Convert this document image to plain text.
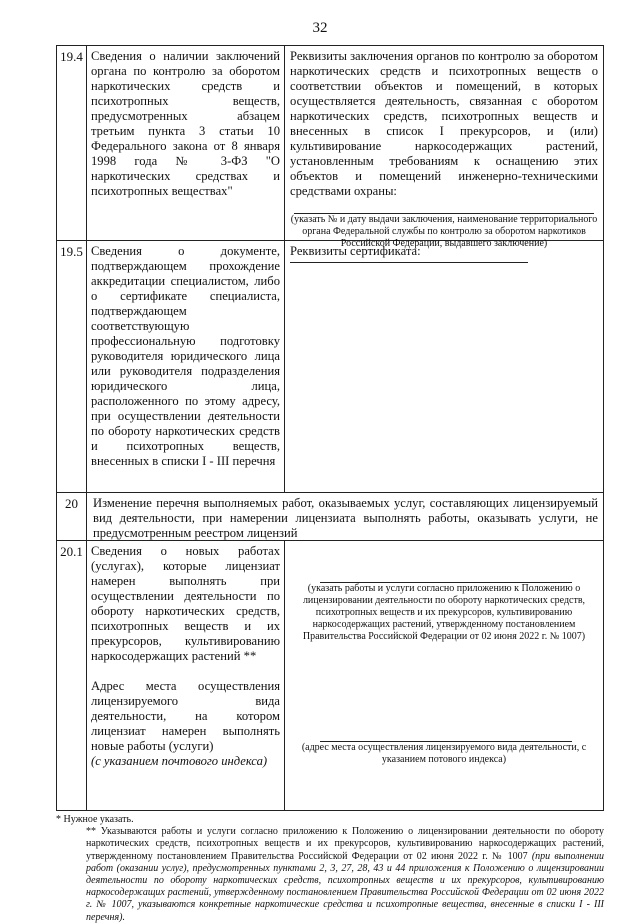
32
19.4 Сведения о наличии заключений органа по контролю за оборотом наркотических средств и психотропных веществ, предусмотренных абзацем третьим пункта 3 статьи 10 Федерального закона от 8 января 1998 года № 3-ФЗ "О наркотических средствах и психотропных веществах"
Реквизиты заключения органов по контролю за оборотом наркотических средств и психотропных веществ о соответствии объектов и помещений, в которых осуществляется деятельность, связанная с оборотом наркотических средств, психотропных веществ и внесенных в список I прекурсоров, и (или) культивирование наркосодержащих растений, установленным требованиям к оснащению этих объектов и помещений инженерно-техническими средствами охраны:
(указать № и дату выдачи заключения, наименование территориального органа Федеральной службы по контролю за оборотом наркотиков Российской Федерации, выдавшего заключение)
19.5 Сведения о документе, подтверждающем прохождение аккредитации специалистом, либо о сертификате специалиста, подтверждающем соответствующую профессиональную подготовку руководителя юридического лица или руководителя подразделения юридического лица, расположенного по этому адресу, при осуществлении деятельности по обороту наркотических средств и психотропных веществ, внесенных в списки I - III перечня
Реквизиты сертификата:
20	Изменение перечня выполняемых работ, оказываемых услуг, составляющих лицензируемый вид деятельности, при намерении лицензиата выполнять работы, оказывать услуги, не предусмотренным реестром лицензий
20.1 Сведения о новых работах (услугах), которые лицензиат намерен выполнять при осуществлении деятельности по обороту наркотических средств, психотропных веществ и их прекурсоров, культивированию наркосодержащих растений **
Адрес места осуществления лицензируемого вида деятельности, на котором лицензиат намерен выполнять новые работы (услуги)
(с указанием почтового индекса)
(указать работы и услуги согласно приложению к Положению о лицензировании деятельности по обороту наркотических средств, психотропных веществ и их прекурсоров, культивированию наркосодержащих растений, утвержденному постановлением Правительства Российской Федерации от 02 июня 2022 г. № 1007)
(адрес места осуществления лицензируемого вида деятельности, с указанием потового индекса)

* Нужное указать.

** Указываются работы и услуги согласно приложению к Положению о лицензировании деятельности по обороту наркотических средств, психотропных веществ и их прекурсоров, культивированию наркосодержащих растений, утвержденному постановлением Правительства Российской Федерации от 02 июня 2022 г. № 1007 (при выполнении работ (оказании услуг), предусмотренных пунктами 2, 3, 27, 28, 43 и 44 приложения к Положению о лицензировании деятельности по обороту наркотических средств, психотропных веществ и их прекурсоров, культивированию наркосодержащих растений, утвержденному постановлением Правительства Российской Федерации от 02 июня 2022 г. № 1007, указываются конкретные наркотические средства и психотропные вещества, внесенные в списки I - III перечня).
